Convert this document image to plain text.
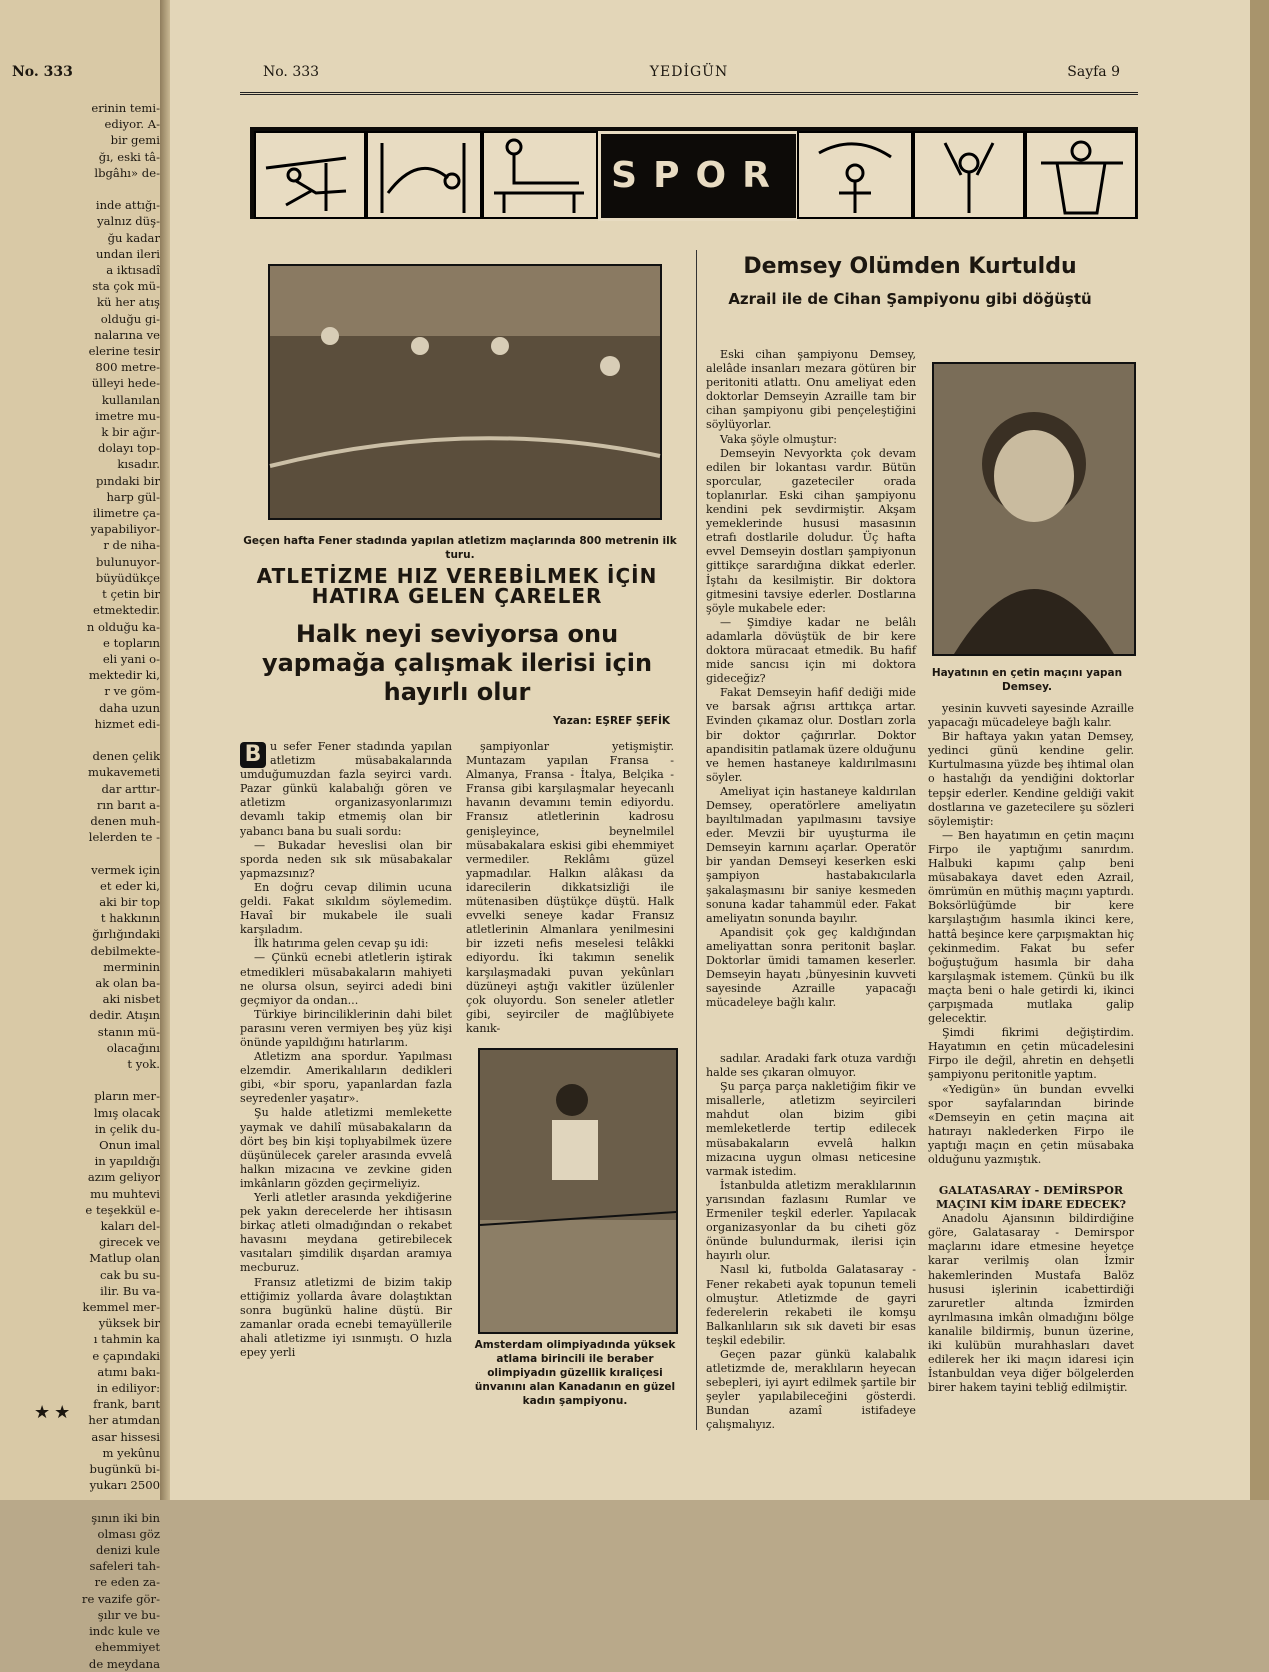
No. 333
erinin temi-
ediyor. A-
bir gemi
ğı, eski tâ-
lbgâhı» de-

inde attığı-
yalnız düş-
ğu kadar
undan ileri
a iktısadî
sta çok mü-
kü her atış
olduğu gi-
nalarına ve
elerine tesir
800 metre-
ülleyi hede-
kullanılan
imetre mu-
k bir ağır-
dolayı top-
kısadır.
pındaki bir
harp gül-
ilimetre ça-
yapabiliyor-
r de niha-
bulunuyor-
büyüdükçe
t çetin bir
etmektedir.
n olduğu ka-
e topların
eli yani o-
mektedir ki,
r ve göm-
daha uzun
hizmet edi-

denen çelik
mukavemeti
dar arttır-
rın barıt a-
denen muh-
lelerden te -

vermek için
et eder ki,
aki bir top
t hakkının
ğırlığındaki
debilmekte-
merminin
ak olan ba-
aki nisbet
dedir. Atışın
stanın mü-
olacağını
t yok.

pların mer-
lmış olacak
in çelik du-
Onun imal
in yapıldığı
azım geliyor
mu muhtevi
e teşekkül e-
kaları del-
girecek ve
Matlup olan
cak bu su-
ilir. Bu va-
kemmel mer-
yüksek bir
ı tahmin ka
e çapındaki
atımı bakı-
in ediliyor:
frank, barıt
her atımdan
asar hissesi
m yekûnu
bugünkü bi-
yukarı 2500

şının iki bin
olması göz
denizi kule
safeleri tah-
re eden za-
re vazife gör-
şılır ve bu-
indc kule ve
ehemmiyet
de meydana
★★
No. 333	YEDİGÜN	Sayfa 9
SPOR
Geçen hafta Fener stadında yapılan atletizm maçlarında 800 metrenin ilk turu.
ATLETİZME HIZ VEREBİLMEK İÇİN HATIRA GELEN ÇARELER
Halk neyi seviyorsa onu yapmağa çalışmak ilerisi için hayırlı olur
Yazan: EŞREF ŞEFİK
B u sefer Fener stadında yapılan atletizm müsabakalarında umduğumuzdan fazla seyirci vardı. Pazar günkü kalabalığı gören ve atletizm organizasyonlarımızı devamlı takip etmemiş olan bir yabancı bana bu suali sordu:

— Bukadar heveslisi olan bir sporda neden sık sık müsabakalar yapmazsınız?

En doğru cevap dilimin ucuna geldi. Fakat sıkıldım söylemedim. Havaî bir mukabele ile suali karşıladım.

İlk hatırıma gelen cevap şu idi:

— Çünkü ecnebi atletlerin iştirak etmedikleri müsabakaların mahiyeti ne olursa olsun, seyirci adedi bini geçmiyor da ondan...

Türkiye birinciliklerinin dahi bilet parasını veren vermiyen beş yüz kişi önünde yapıldığını hatırlarım.

Atletizm ana spordur. Yapılması elzemdir. Amerikalıların dedikleri gibi, «bir sporu, yapanlardan fazla seyredenler yaşatır».

Şu halde atletizmi memlekette yaymak ve dahilî müsabakaların da dört beş bin kişi toplıyabilmek üzere düşünülecek çareler arasında evvelâ halkın mizacına ve zevkine giden imkânların gözden geçirmeliyiz.

Yerli atletler arasında yekdiğerine pek yakın derecelerde her ihtisasın birkaç atleti olmadığından o rekabet havasını meydana getirebilecek vasıtaları şimdilik dışardan aramıya mecburuz.

Fransız atletizmi de bizim takip ettiğimiz yollarda âvare dolaştıktan sonra bugünkü haline düştü. Bir zamanlar orada ecnebi temayüllerile ahali atletizme iyi ısınmıştı. O hızla epey yerli

şampiyonlar yetişmiştir. Muntazam yapılan Fransa - Almanya, Fransa - İtalya, Belçika - Fransa gibi karşılaşmalar heyecanlı havanın devamını temin ediyordu. Fransız atletlerinin kadrosu genişleyince, beynelmilel müsabakalara eskisi gibi ehemmiyet vermediler. Reklâmı güzel yapmadılar. Halkın alâkası da idarecilerin dikkatsizliği ile mütenasiben düştükçe düştü. Halk evvelki seneye kadar Fransız atletlerinin Almanlara yenilmesini bir izzeti nefis meselesi telâkki ediyordu. İki takımın senelik karşılaşmadaki puvan yekûnları düzüneyi aştığı vakitler üzülenler çok oluyordu. Son seneler atletler gibi, seyirciler de mağlûbiyete kanık-

Amsterdam olimpiyadında yüksek atlama birincili ile beraber olimpiyadın güzellik kıraliçesi ünvanını alan Kanadanın en güzel kadın şampiyonu.
Demsey Olümden Kurtuldu
Azrail ile de Cihan Şampiyonu gibi döğüştü

Eski cihan şampiyonu Demsey, alelâde insanları mezara götüren bir peritoniti atlattı. Onu ameliyat eden doktorlar Demseyin Azraille tam bir cihan şampiyonu gibi pençeleştiğini söylüyorlar.

Vaka şöyle olmuştur:

Demseyin Nevyorkta çok devam edilen bir lokantası vardır. Bütün sporcular, gazeteciler orada toplanırlar. Eski cihan şampiyonu kendini pek sevdirmiştir. Akşam yemeklerinde hususi masasının etrafı dostlarile doludur. Üç hafta evvel Demseyin dostları şampiyonun gittikçe sarardığına dikkat ederler. İştahı da kesilmiştir. Bir doktora gitmesini tavsiye ederler. Dostlarına şöyle mukabele eder:

— Şimdiye kadar ne belâlı adamlarla dövüştük de bir kere doktora müracaat etmedik. Bu hafif mide sancısı için mi doktora gideceğiz?

Fakat Demseyin hafif dediği mide ve barsak ağrısı arttıkça artar. Evinden çıkamaz olur. Dostları zorla bir doktor çağırırlar. Doktor apandisitin patlamak üzere olduğunu ve hemen hastaneye kaldırılmasını söyler.

Ameliyat için hastaneye kaldırılan Demsey, operatörlere ameliyatın bayıltılmadan yapılmasını tavsiye eder. Mevzii bir uyuşturma ile Demseyin karnını açarlar. Operatör bir yandan Demseyi keserken eski şampiyon hastabakıcılarla şakalaşmasını bir saniye kesmeden sonuna kadar tahammül eder. Fakat ameliyatın sonunda bayılır.

Apandisit çok geç kaldığından ameliyattan sonra peritonit başlar. Doktorlar ümidi tamamen keserler. Demseyin hayatı ,bünyesinin kuvveti sayesinde Azraille yapacağı mücadeleye bağlı kalır.

sadılar. Aradaki fark otuza vardığı halde ses çıkaran olmuyor.

Şu parça parça nakletiğim fikir ve misallerle, atletizm seyircileri mahdut olan bizim gibi memleketlerde tertip edilecek müsabakaların evvelâ halkın mizacına uygun olması neticesine varmak istedim.

İstanbulda atletizm meraklılarının yarısından fazlasını Rumlar ve Ermeniler teşkil ederler. Yapılacak organizasyonlar da bu ciheti göz önünde bulundurmak, ilerisi için hayırlı olur.

Nasıl ki, futbolda Galatasaray - Fener rekabeti ayak topunun temeli olmuştur. Atletizmde de gayri federelerin rekabeti ile komşu Balkanlıların sık sık daveti bir esas teşkil edebilir.

Geçen pazar günkü kalabalık atletizmde de, meraklıların heyecan sebepleri, iyi ayırt edilmek şartile bir şeyler yapılabileceğini gösterdi. Bundan azamî istifadeye çalışmalıyız.

Hayatının en çetin maçını yapan Demsey.

yesinin kuvveti sayesinde Azraille yapacağı mücadeleye bağlı kalır.

Bir haftaya yakın yatan Demsey, yedinci günü kendine gelir. Kurtulmasına yüzde beş ihtimal olan o hastalığı da yendiğini doktorlar tepşir ederler. Kendine geldiği vakit dostlarına ve gazetecilere şu sözleri söylemiştir:

— Ben hayatımın en çetin maçını Firpo ile yaptığımı sanırdım. Halbuki kapımı çalıp beni müsabakaya davet eden Azrail, ömrümün en müthiş maçını yaptırdı. Boksörlüğümde bir kere karşılaştığım hasımla ikinci kere, hattâ beşince kere çarpışmaktan hiç çekinmedim. Fakat bu sefer boğuştuğum hasımla bir daha karşılaşmak istemem. Çünkü bu ilk maçta beni o hale getirdi ki, ikinci çarpışmada mutlaka galip gelecektir.

Şimdi fikrimi değiştirdim. Hayatımın en çetin mücadelesini Firpo ile değil, ahretin en dehşetli şampiyonu peritonitle yaptım.

«Yedigün» ün bundan evvelki spor sayfalarından birinde «Demseyin en çetin maçına ait hatırayı naklederken Firpo ile yaptığı maçın en çetin müsabaka olduğunu yazmıştık.

GALATASARAY - DEMİRSPOR MAÇINI KİM İDARE EDECEK?

Anadolu Ajansının bildirdiğine göre, Galatasaray - Demirspor maçlarını idare etmesine heyetçe karar verilmiş olan İzmir hakemlerinden Mustafa Balöz hususi işlerinin icabettirdiği zaruretler altında İzmirden ayrılmasına imkân olmadığını bölge kanalile bildirmiş, bunun üzerine, iki kulübün murahhasları davet edilerek her iki maçın idaresi için İstanbuldan veya diğer bölgelerden birer hakem tayini tebliğ edilmiştir.
